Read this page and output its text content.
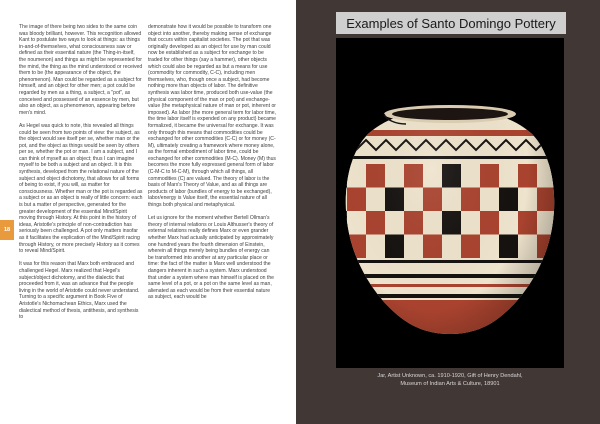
18

The image of there being two sides to the same coin was bloody brilliant, however. This recognition allowed Kant to postulate two ways to look at things: as things in-and-of-themselves, what consciousness saw or defined as their essential nature (the Thing-in-itself, the noumenon) and things as might be represented for the mind, the thing as the mind understood or received them to be (the appearance of the object, the phenomenon). Man could be regarded as a subject for himself, and an object for other men; a pot could be regarded by men as a thing, a subject, a "pot", as conceived and possessed of an essence by men, but also an object, as a phenomenon, appearing before men's mind.

As Hegel was quick to note, this revealed all things could be seen from two points of view: the subject, as the object would see itself per se, whether man or the pot, and the object as things would be seen by others per se, whether the pot or man. I am a subject, and I can think of myself as an object; thus I can imagine myself to be both a subject and an object. It is this synthesis, developed from the relational nature of the subject and object dichotomy, that allows for all forms of being to exist, if you will, as matter for consciousness. Whether man or the pot is regarded as a subject or as an object is really of little concern: each is but a matter of perspective, generated for the greater development of the essential Mind/Spirit moving through History. At this point in the history of ideas, Aristotle's principle of non-contradiction has seriously been challenged. A pot only matters insofar as it facilitates the explication of the Mind/Spirit racing through History, or more precisely History as it comes to reveal Mind/Spirit.

It was for this reason that Marx both embraced and challenged Hegel. Marx realized that Hegel's subject/object dichotomy, and the dialectic that proceeded from it, was an advance that the people living in the world of Aristotle could never understand. Turning to a specific argument in Book Five of Aristotle's Nichomachean Ethics, Marx used the dialectical method of thesis, antithesis, and synthesis to

demonstrate how it would be possible to transform one object into another, thereby making sense of exchange that occurs within capitalist societies. The pot that was originally developed as an object for use by man could now be established as a subject for exchange to be traded for other things (say a hammer), other objects which could also be regarded as but a means for use (commodity for commodity, C-C), including men themselves, who, though once a subject, had become nothing more than objects of labor. The definitive synthesis was labor time, produced both use-value (the physical component of the man or pot) and exchange-value (the metaphysical nature of man or pot, inherent or imposed). As labor (the more general term for labor time, the time labor itself is expended on any product) became formalized, it became the universal for exchange. It was only through this means that commodities could be exchanged for other commodities (C-C) or for money (C-M), ultimately creating a framework where money alone, as the formal embodiment of labor time, could be exchanged for other commodities (M-C). Money (M) thus becomes the more fully expressed general form of labor (C-M-C to M-C-M), through which all things, all commodities (C) are valued. The theory of labor is the basis of Marx's Theory of Value, and as all things are products of labor (bundles of energy to be exchanged), labor/energy is Value itself, the essential nature of all things both physical and metaphysical.

Let us ignore for the moment whether Bertell Ollman's theory of internal relations or Louis Althusser's theory of external relations really defines Marx or even grander whether Marx had actually anticipated by approximately one hundred years the fourth dimension of Einstein, wherein all things merely being bundles of energy can be transformed into another at any particular place or time: the fact of the matter is Marx well understood the dangers inherent in such a system. Marx understood that under a system where man himself is placed on the same level of a pot, or a pot on the same level as man, alienated as each would be from their essential nature as subject, each would be

Examples of Santo Domingo Pottery
Jar, Artist Unknown, ca. 1910-1920, Gift of Henry Dendahl,
Museum of Indian Arts & Culture, 18901
